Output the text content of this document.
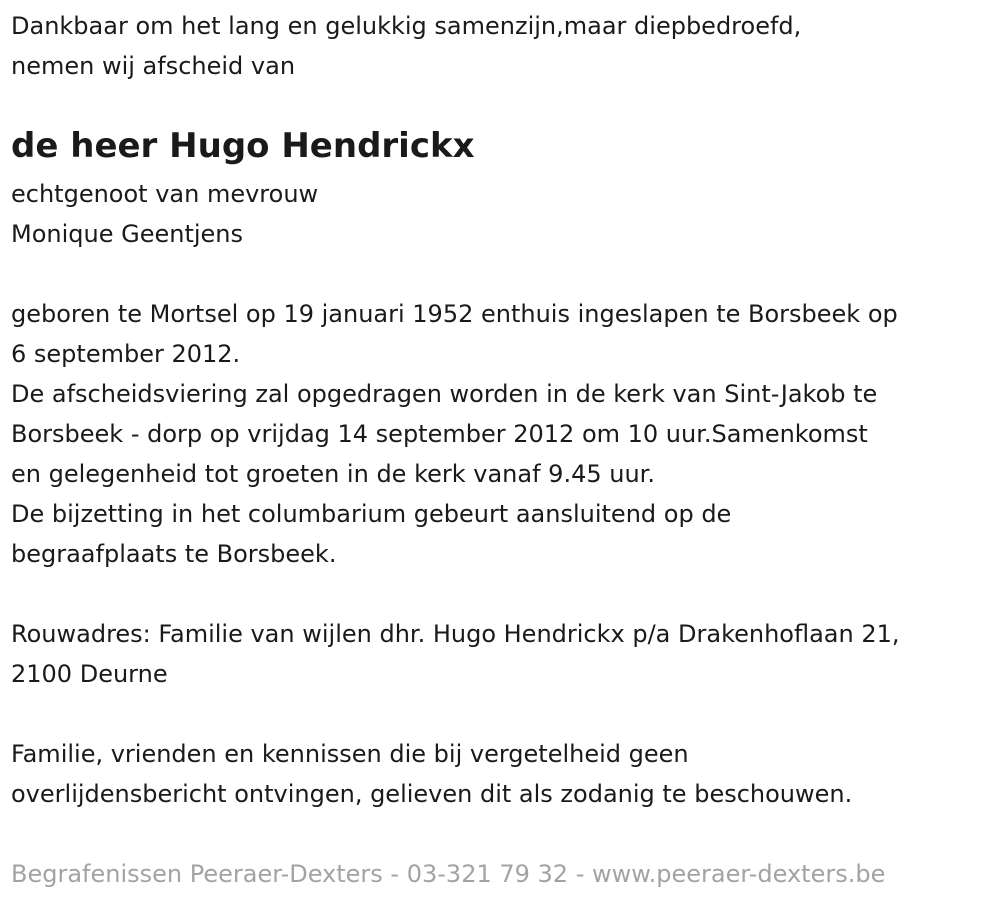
Dankbaar om het lang en gelukkig samenzijn,maar diepbedroefd,

nemen wij afscheid van

de heer Hugo Hendrickx

echtgenoot van mevrouw

Monique Geentjens

geboren te Mortsel op 19 januari 1952 enthuis ingeslapen te Borsbeek op

6 september 2012.

De afscheidsviering zal opgedragen worden in de kerk van Sint-Jakob te

Borsbeek - dorp op vrijdag 14 september 2012 om 10 uur.Samenkomst

en gelegenheid tot groeten in de kerk vanaf 9.45 uur.

De bijzetting in het columbarium gebeurt aansluitend op de

begraafplaats te Borsbeek.

Rouwadres: Familie van wijlen dhr. Hugo Hendrickx p/a Drakenhoflaan 21,

2100 Deurne

Familie, vrienden en kennissen die bij vergetelheid geen

overlijdensbericht ontvingen, gelieven dit als zodanig te beschouwen.

Begrafenissen Peeraer-Dexters - 03-321 79 32 - www.peeraer-dexters.be
